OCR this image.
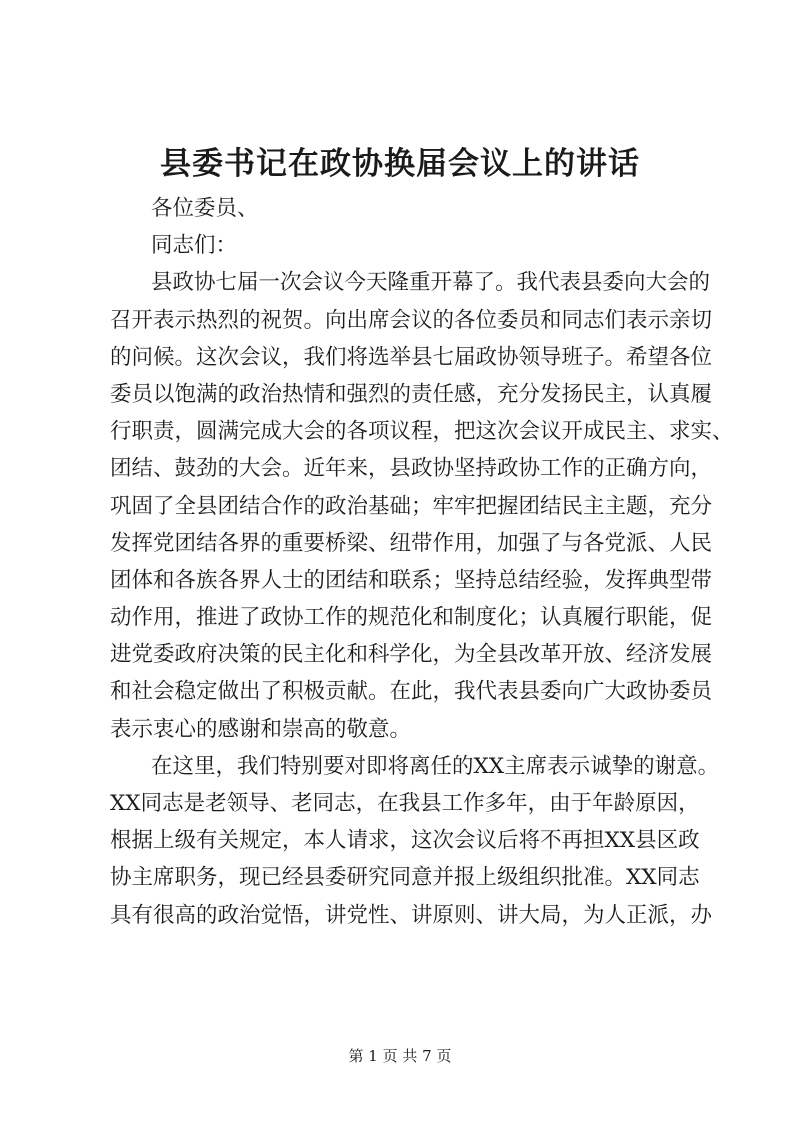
县委书记在政协换届会议上的讲话

各位委员、

同志们：

县政协七届一次会议今天隆重开幕了。我代表县委向大会的

召开表示热烈的祝贺。向出席会议的各位委员和同志们表示亲切

的问候。这次会议，我们将选举县七届政协领导班子。希望各位

委员以饱满的政治热情和强烈的责任感，充分发扬民主，认真履

行职责，圆满完成大会的各项议程，把这次会议开成民主、求实、

团结、鼓劲的大会。近年来，县政协坚持政协工作的正确方向，

巩固了全县团结合作的政治基础；牢牢把握团结民主主题，充分

发挥党团结各界的重要桥梁、纽带作用，加强了与各党派、人民

团体和各族各界人士的团结和联系；坚持总结经验，发挥典型带

动作用，推进了政协工作的规范化和制度化；认真履行职能，促

进党委政府决策的民主化和科学化，为全县改革开放、经济发展

和社会稳定做出了积极贡献。在此，我代表县委向广大政协委员

表示衷心的感谢和崇高的敬意。

在这里，我们特别要对即将离任的XX主席表示诚挚的谢意。

XX同志是老领导、老同志，在我县工作多年，由于年龄原因，

根据上级有关规定，本人请求，这次会议后将不再担XX县区政

协主席职务，现已经县委研究同意并报上级组织批准。XX同志

具有很高的政治觉悟，讲党性、讲原则、讲大局，为人正派，办

第 1 页 共 7 页
